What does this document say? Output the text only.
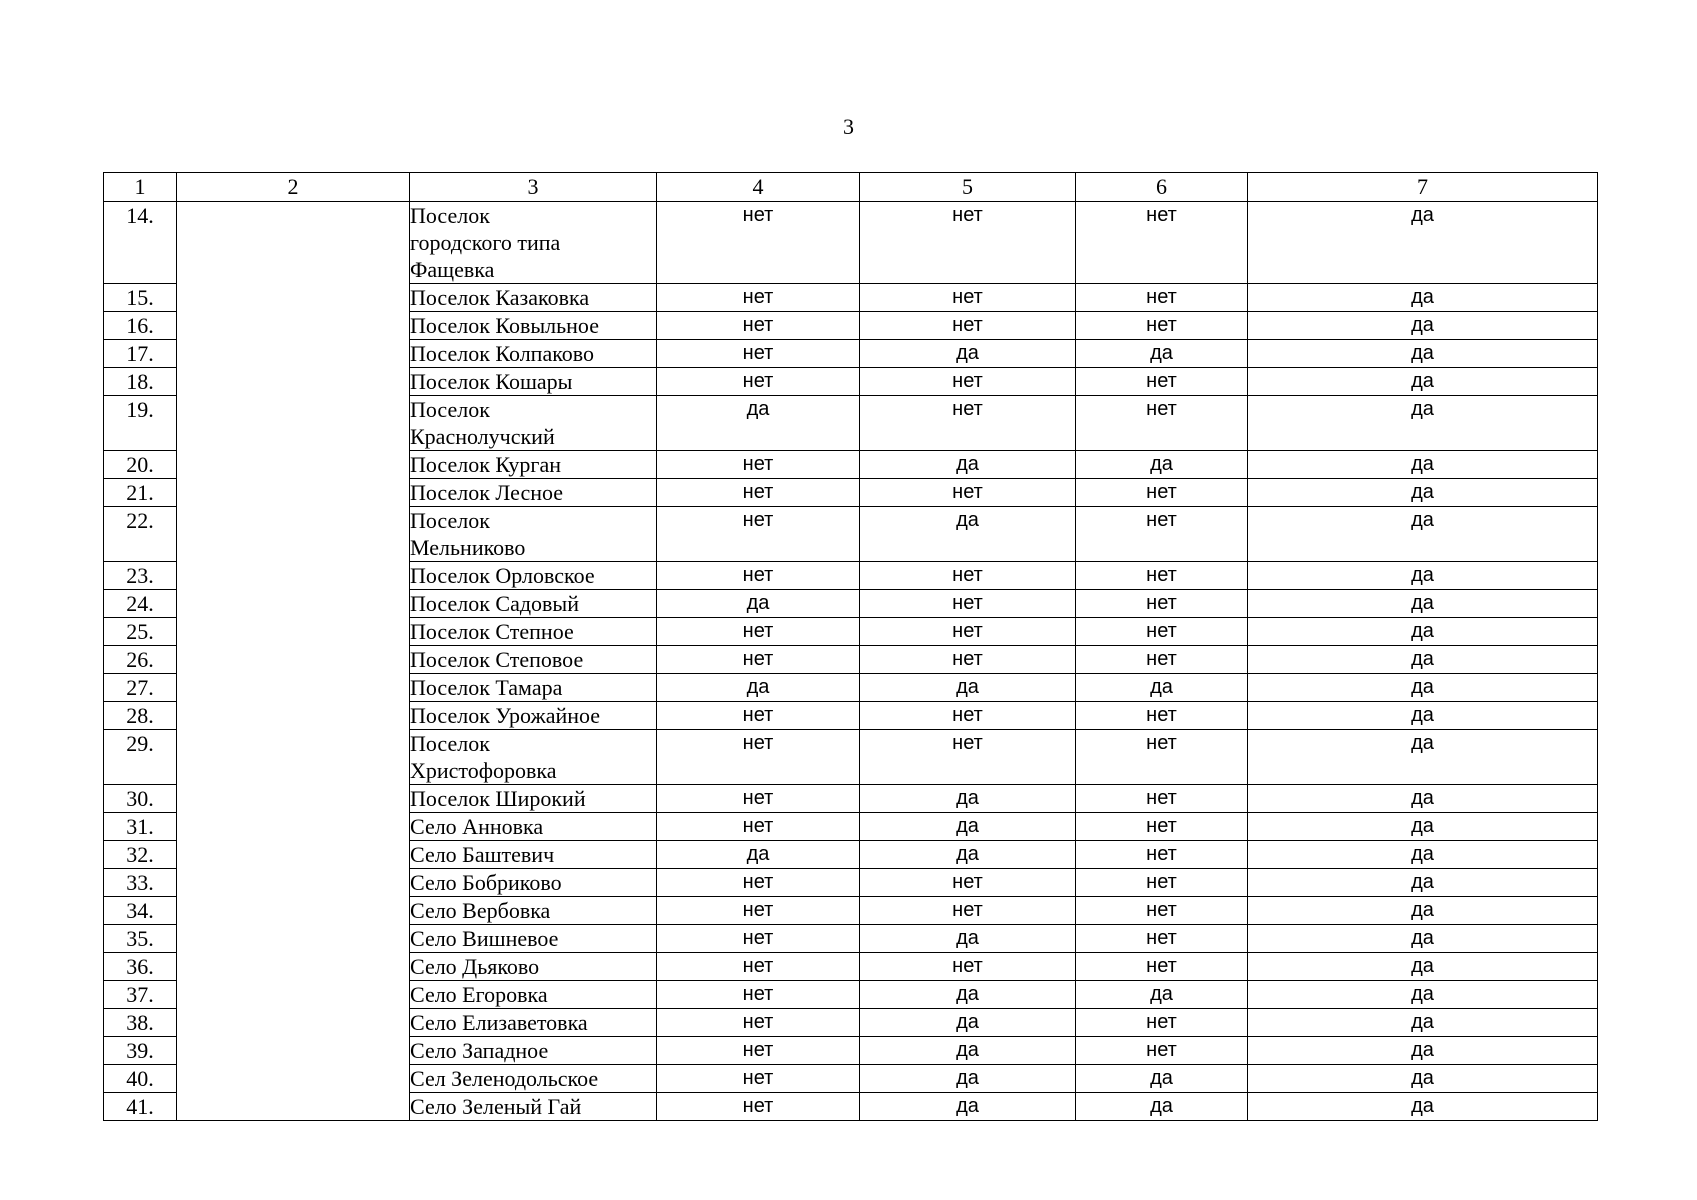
3
1	2	3	4	5	6	7
14.		Поселок
городского типа
Фащевка	нет	нет	нет	да
15.		Поселок Казаковка	нет	нет	нет	да
16.		Поселок Ковыльное	нет	нет	нет	да
17.		Поселок Колпаково	нет	да	да	да
18.		Поселок Кошары	нет	нет	нет	да
19.		Поселок
Краснолучский	да	нет	нет	да
20.		Поселок Курган	нет	да	да	да
21.		Поселок Лесное	нет	нет	нет	да
22.		Поселок
Мельниково	нет	да	нет	да
23.		Поселок Орловское	нет	нет	нет	да
24.		Поселок Садовый	да	нет	нет	да
25.		Поселок Степное	нет	нет	нет	да
26.		Поселок Степовое	нет	нет	нет	да
27.		Поселок Тамара	да	да	да	да
28.		Поселок Урожайное	нет	нет	нет	да
29.		Поселок
Христофоровка	нет	нет	нет	да
30.		Поселок Широкий	нет	да	нет	да
31.		Село Анновка	нет	да	нет	да
32.		Село Баштевич	да	да	нет	да
33.		Село Бобриково	нет	нет	нет	да
34.		Село Вербовка	нет	нет	нет	да
35.		Село Вишневое	нет	да	нет	да
36.		Село Дьяково	нет	нет	нет	да
37.		Село Егоровка	нет	да	да	да
38.		Село Елизаветовка	нет	да	нет	да
39.		Село Западное	нет	да	нет	да
40.		Сел Зеленодольское	нет	да	да	да
41.		Село Зеленый Гай	нет	да	да	да
